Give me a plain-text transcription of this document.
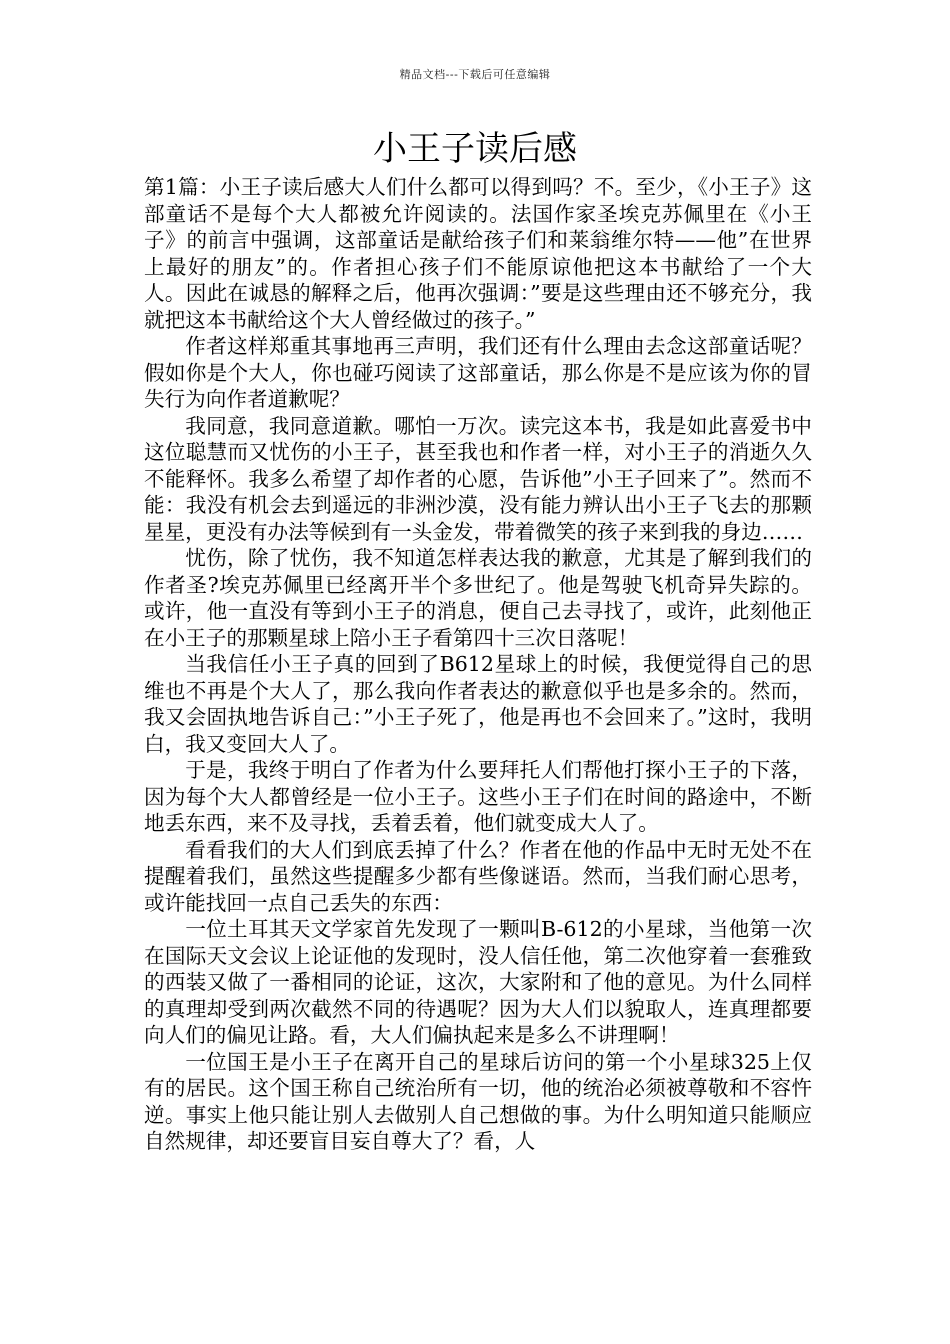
精品文档---下载后可任意编辑
小王子读后感

第1篇：小王子读后感大人们什么都可以得到吗？不。至少，《小王子》这部童话不是每个大人都被允许阅读的。法国作家圣埃克苏佩里在《小王子》的前言中强调，这部童话是献给孩子们和莱翁维尔特——他”在世界上最好的朋友”的。作者担心孩子们不能原谅他把这本书献给了一个大人。因此在诚恳的解释之后，他再次强调：”要是这些理由还不够充分，我就把这本书献给这个大人曾经做过的孩子。”

作者这样郑重其事地再三声明，我们还有什么理由去念这部童话呢？假如你是个大人，你也碰巧阅读了这部童话，那么你是不是应该为你的冒失行为向作者道歉呢？

我同意，我同意道歉。哪怕一万次。读完这本书，我是如此喜爱书中这位聪慧而又忧伤的小王子，甚至我也和作者一样，对小王子的消逝久久不能释怀。我多么希望了却作者的心愿，告诉他”小王子回来了”。然而不能：我没有机会去到遥远的非洲沙漠，没有能力辨认出小王子飞去的那颗星星，更没有办法等候到有一头金发，带着微笑的孩子来到我的身边……

忧伤，除了忧伤，我不知道怎样表达我的歉意，尤其是了解到我们的作者圣?埃克苏佩里已经离开半个多世纪了。他是驾驶飞机奇异失踪的。或许，他一直没有等到小王子的消息，便自己去寻找了，或许，此刻他正在小王子的那颗星球上陪小王子看第四十三次日落呢！

当我信任小王子真的回到了B612星球上的时候，我便觉得自己的思维也不再是个大人了，那么我向作者表达的歉意似乎也是多余的。然而，我又会固执地告诉自己：”小王子死了，他是再也不会回来了。”这时，我明白，我又变回大人了。

于是，我终于明白了作者为什么要拜托人们帮他打探小王子的下落，因为每个大人都曾经是一位小王子。这些小王子们在时间的路途中，不断地丢东西，来不及寻找，丢着丢着，他们就变成大人了。

看看我们的大人们到底丢掉了什么？作者在他的作品中无时无处不在提醒着我们，虽然这些提醒多少都有些像谜语。然而，当我们耐心思考，或许能找回一点自己丢失的东西：

一位土耳其天文学家首先发现了一颗叫B-612的小星球，当他第一次在国际天文会议上论证他的发现时，没人信任他，第二次他穿着一套雅致的西装又做了一番相同的论证，这次，大家附和了他的意见。为什么同样的真理却受到两次截然不同的待遇呢？因为大人们以貌取人，连真理都要向人们的偏见让路。看，大人们偏执起来是多么不讲理啊！

一位国王是小王子在离开自己的星球后访问的第一个小星球325上仅有的居民。这个国王称自己统治所有一切，他的统治必须被尊敬和不容忤逆。事实上他只能让别人去做别人自己想做的事。为什么明知道只能顺应自然规律，却还要盲目妄自尊大了？看，人
